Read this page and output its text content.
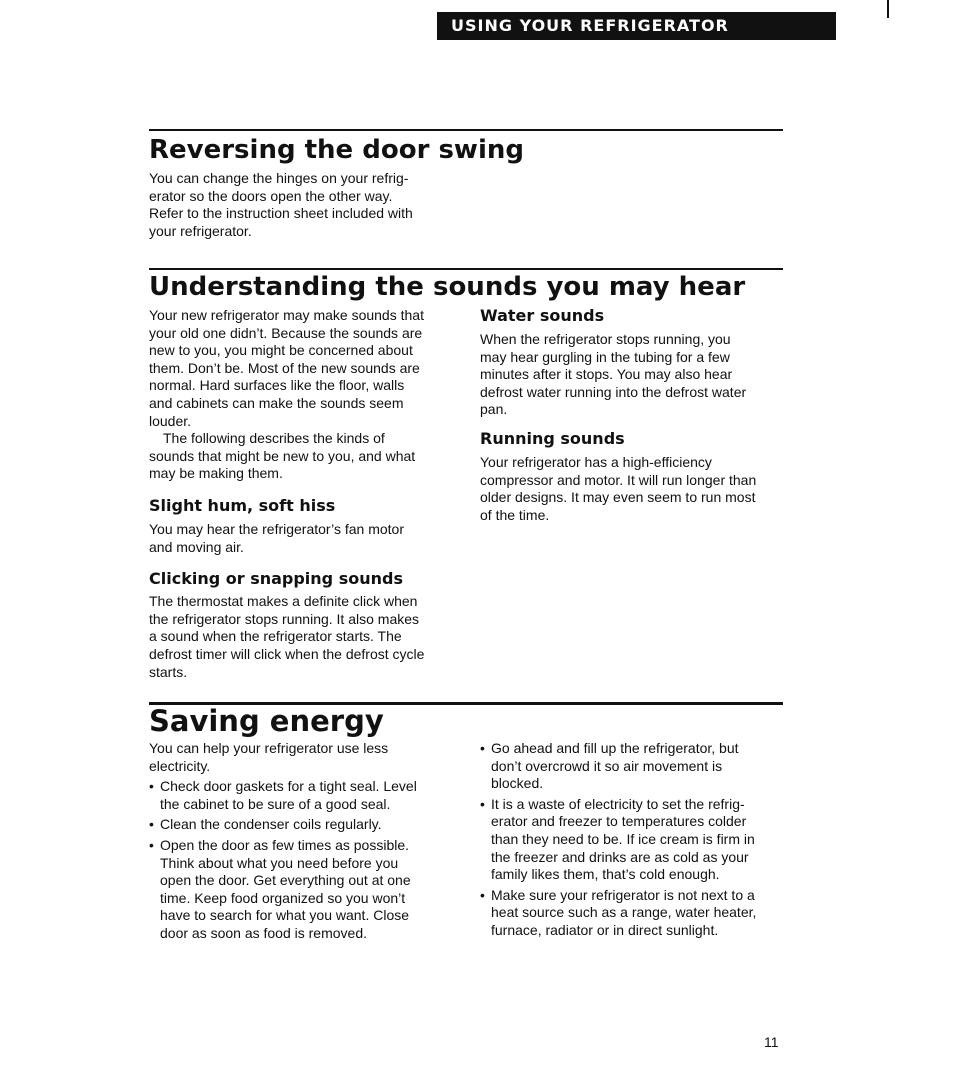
USING YOUR REFRIGERATOR
Reversing the door swing

You can change the hinges on your refrig-
erator so the doors open the other way.
Refer to the instruction sheet included with
your refrigerator.

Understanding the sounds you may hear

Your new refrigerator may make sounds that
your old one didn’t. Because the sounds are
new to you, you might be concerned about
them. Don’t be. Most of the new sounds are
normal. Hard surfaces like the floor, walls
and cabinets can make the sounds seem
louder.

The following describes the kinds of
sounds that might be new to you, and what
may be making them.

Slight hum, soft hiss

You may hear the refrigerator’s fan motor
and moving air.

Clicking or snapping sounds

The thermostat makes a definite click when
the refrigerator stops running. It also makes
a sound when the refrigerator starts. The
defrost timer will click when the defrost cycle
starts.

Water sounds

When the refrigerator stops running, you
may hear gurgling in the tubing for a few
minutes after it stops. You may also hear
defrost water running into the defrost water
pan.

Running sounds

Your refrigerator has a high-efficiency
compressor and motor. It will run longer than
older designs. It may even seem to run most
of the time.

Saving energy

You can help your refrigerator use less
electricity.

• Check door gaskets for a tight seal. Level
the cabinet to be sure of a good seal.
• Clean the condenser coils regularly.
• Open the door as few times as possible.
Think about what you need before you
open the door. Get everything out at one
time. Keep food organized so you won’t
have to search for what you want. Close
door as soon as food is removed.
• Go ahead and fill up the refrigerator, but
don’t overcrowd it so air movement is
blocked.
• It is a waste of electricity to set the refrig-
erator and freezer to temperatures colder
than they need to be. If ice cream is firm in
the freezer and drinks are as cold as your
family likes them, that’s cold enough.
• Make sure your refrigerator is not next to a
heat source such as a range, water heater,
furnace, radiator or in direct sunlight.
11
